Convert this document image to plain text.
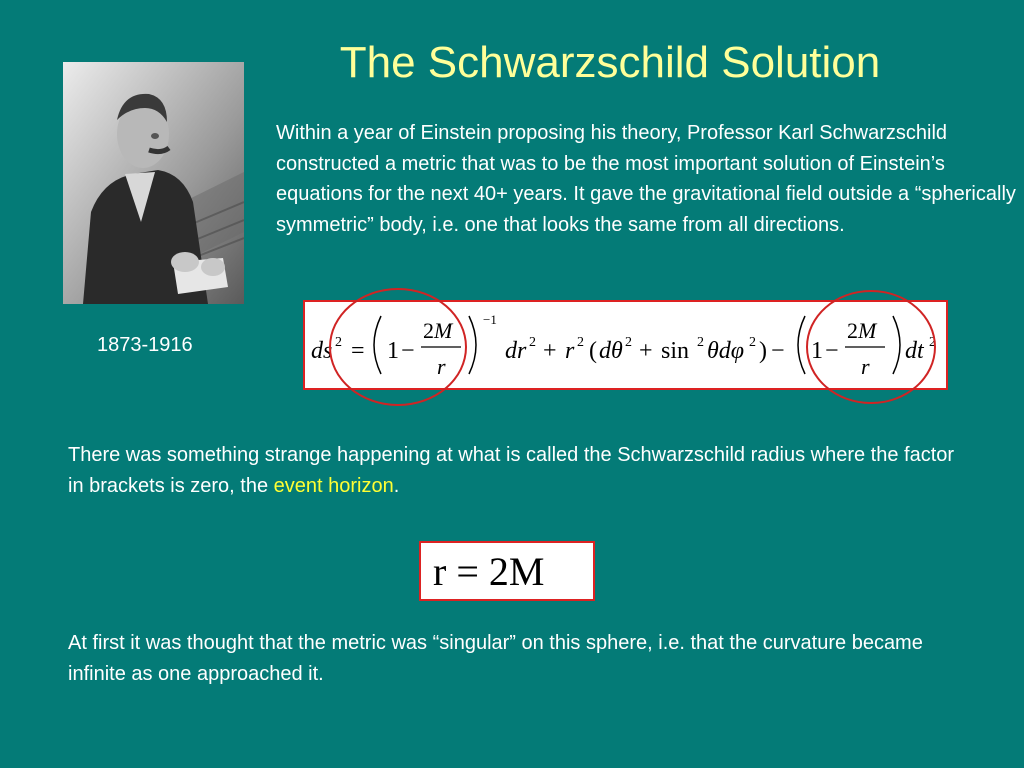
The Schwarzschild Solution
1873-1916
Within a year of Einstein proposing his theory, Professor Karl Schwarzschild constructed a metric that was to be the most important solution of Einstein’s equations for the next 40+ years. It gave the gravitational field outside a “spherically symmetric” body, i.e. one that looks the same from all directions.
ds 2 = 1 −
2M
r
−1
dr 2 + r 2 ( dθ 2 + sin 2 θdφ 2 ) − 1 −
2M
r
dt 2
There was something strange happening at what is called the Schwarzschild radius where the factor in brackets is zero, the event horizon.
r = 2M
At first it was thought that the metric was “singular” on this sphere, i.e. that the curvature became infinite as one approached it.
